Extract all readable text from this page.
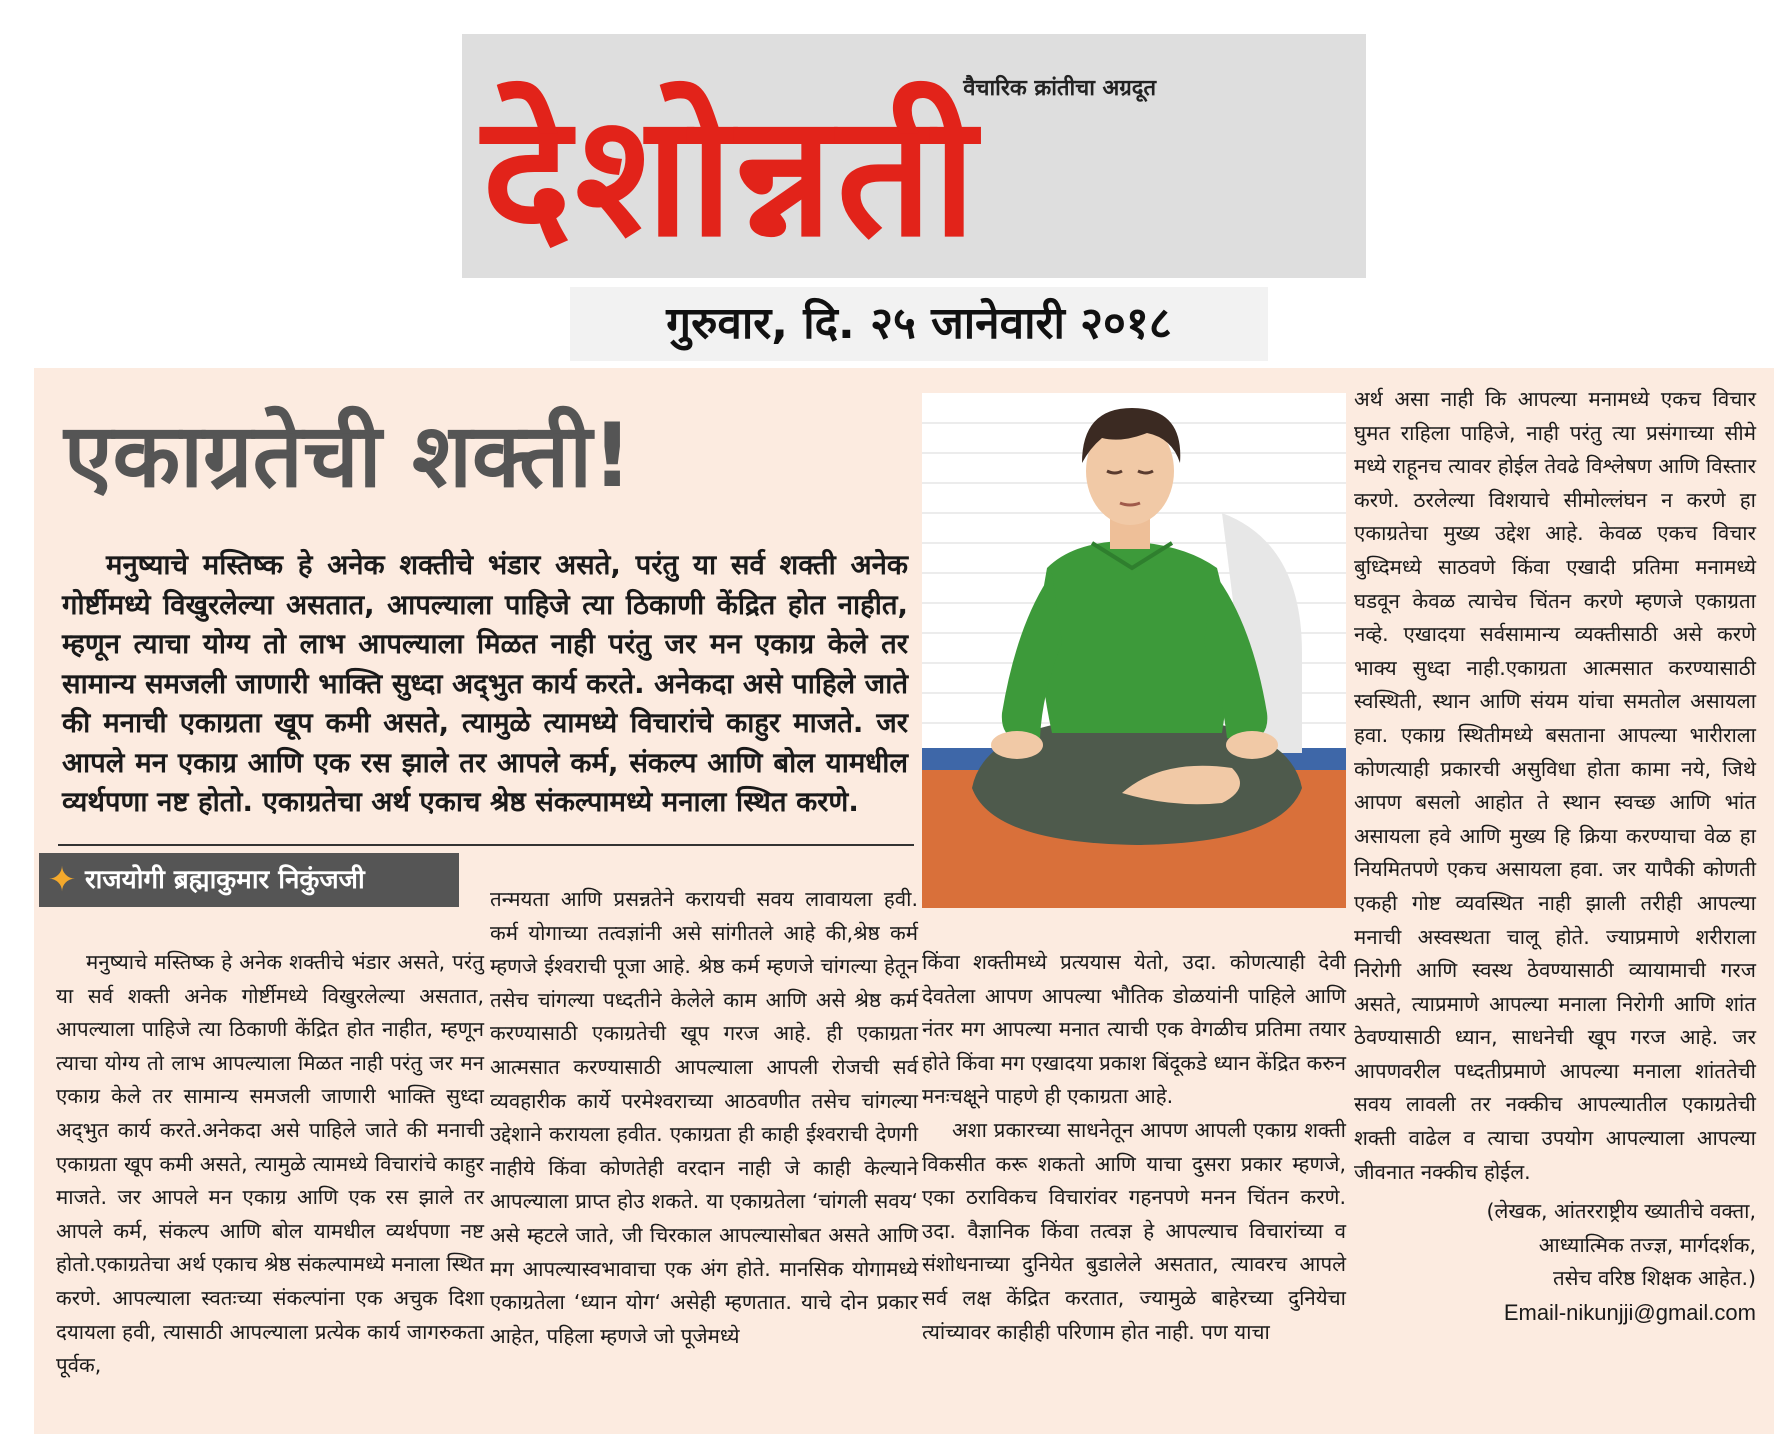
वैचारिक क्रांतीचा अग्रदूत
देशोन्नती
गुरुवार, दि. २५ जानेवारी २०१८
एकाग्रतेची शक्ती!

मनुष्याचे मस्तिष्क हे अनेक शक्तीचे भंडार असते, परंतु या सर्व शक्ती अनेक गोर्ष्टीमध्ये विखुरलेल्या असतात, आपल्याला पाहिजे त्या ठिकाणी केंद्रित होत नाहीत, म्हणून त्याचा योग्य तो लाभ आपल्याला मिळत नाही परंतु जर मन एकाग्र केले तर सामान्य समजली जाणारी भाक्ति सुध्दा अद्‌भुत कार्य करते. अनेकदा असे पाहिले जाते की मनाची एकाग्रता खूप कमी असते, त्यामुळे त्यामध्ये विचारांचे काहुर माजते. जर आपले मन एकाग्र आणि एक रस झाले तर आपले कर्म, संकल्प आणि बोल यामधील व्यर्थपणा नष्ट होतो. एकाग्रतेचा अर्थ एकाच श्रेष्ठ संकल्पामध्ये मनाला स्थित करणे.

✦ राजयोगी ब्रह्माकुमार निकुंजजी

मनुष्याचे मस्तिष्क हे अनेक शक्तीचे भंडार असते, परंतु या सर्व शक्ती अनेक गोर्ष्टीमध्ये विखुरलेल्या असतात, आपल्याला पाहिजे त्या ठिकाणी केंद्रित होत नाहीत, म्हणून त्याचा योग्य तो लाभ आपल्याला मिळत नाही परंतु जर मन एकाग्र केले तर सामान्य समजली जाणारी भाक्ति सुध्दा अद्‌भुत कार्य करते.अनेकदा असे पाहिले जाते की मनाची एकाग्रता खूप कमी असते, त्यामुळे त्यामध्ये विचारांचे काहुर माजते. जर आपले मन एकाग्र आणि एक रस झाले तर आपले कर्म, संकल्प आणि बोल यामधील व्यर्थपणा नष्ट होतो.एकाग्रतेचा अर्थ एकाच श्रेष्ठ संकल्पामध्ये मनाला स्थित करणे. आपल्याला स्वतःच्या संकल्पांना एक अचुक दिशा दयायला हवी, त्यासाठी आपल्याला प्रत्येक कार्य जागरुकता पूर्वक,

तन्मयता आणि प्रसन्नतेने करायची सवय लावायला हवी. कर्म योगाच्या तत्वज्ञांनी असे सांगीतले आहे की,श्रेष्ठ कर्म म्हणजे ईश्वराची पूजा आहे. श्रेष्ठ कर्म म्हणजे चांगल्या हेतून तसेच चांगल्या पध्दतीने केलेले काम आणि असे श्रेष्ठ कर्म करण्यासाठी एकाग्रतेची खूप गरज आहे. ही एकाग्रता आत्मसात करण्यासाठी आपल्याला आपली रोजची सर्व व्यवहारीक कार्ये परमेश्वराच्या आठवणीत तसेच चांगल्या उद्देशाने करायला हवीत. एकाग्रता ही काही ईश्वराची देणगी नाहीये किंवा कोणतेही वरदान नाही जे काही केल्याने आपल्याला प्राप्त होउ शकते. या एकाग्रतेला ‘चांगली सवय‘ असे म्हटले जाते, जी चिरकाल आपल्यासोबत असते आणि मग आपल्यास्वभावाचा एक अंग होते. मानसिक योगामध्ये एकाग्रतेला ‘ध्यान योग‘ असेही म्हणतात. याचे दोन प्रकार आहेत, पहिला म्हणजे जो पूजेमध्ये

किंवा शक्तीमध्ये प्रत्ययास येतो, उदा. कोणत्याही देवी देवतेला आपण आपल्या भौतिक डोळयांनी पाहिले आणि नंतर मग आपल्या मनात त्याची एक वेगळीच प्रतिमा तयार होते किंवा मग एखादया प्रकाश बिंदूकडे ध्यान केंद्रित करुन मनःचक्षूने पाहणे ही एकाग्रता आहे.

अशा प्रकारच्या साधनेतून आपण आपली एकाग्र शक्ती विकसीत करू शकतो आणि याचा दुसरा प्रकार म्हणजे, एका ठराविकच विचारांवर गहनपणे मनन चिंतन करणे. उदा. वैज्ञानिक किंवा तत्वज्ञ हे आपल्याच विचारांच्या व संशोधनाच्या दुनियेत बुडालेले असतात, त्यावरच आपले सर्व लक्ष केंद्रित करतात, ज्यामुळे बाहेरच्या दुनियेचा त्यांच्यावर काहीही परिणाम होत नाही. पण याचा

अर्थ असा नाही कि आपल्या मनामध्ये एकच विचार घुमत राहिला पाहिजे, नाही परंतु त्या प्रसंगाच्या सीमे मध्ये राहूनच त्यावर होईल तेवढे विश्लेषण आणि विस्तार करणे. ठरलेल्या विशयाचे सीमोल्लंघन न करणे हा एकाग्रतेचा मुख्य उद्देश आहे. केवळ एकच विचार बुध्दिमध्ये साठवणे किंवा एखादी प्रतिमा मनामध्ये घडवून केवळ त्याचेच चिंतन करणे म्हणजे एकाग्रता नव्हे. एखादया सर्वसामान्य व्यक्तीसाठी असे करणे भाक्य सुध्दा नाही.एकाग्रता आत्मसात करण्यासाठी स्वस्थिती, स्थान आणि संयम यांचा समतोल असायला हवा. एकाग्र स्थितीमध्ये बसताना आपल्या भारीराला कोणत्याही प्रकारची असुविधा होता कामा नये, जिथे आपण बसलो आहोत ते स्थान स्वच्छ आणि भांत असायला हवे आणि मुख्य हि क्रिया करण्याचा वेळ हा नियमितपणे एकच असायला हवा. जर यापैकी कोणती एकही गोष्ट व्यवस्थित नाही झाली तरीही आपल्या मनाची अस्वस्थता चालू होते. ज्याप्रमाणे शरीराला निरोगी आणि स्वस्थ ठेवण्यासाठी व्यायामाची गरज असते, त्याप्रमाणे आपल्या मनाला निरोगी आणि शांत ठेवण्यासाठी ध्यान, साधनेची खूप गरज आहे. जर आपणवरील पध्दतीप्रमाणे आपल्या मनाला शांततेची सवय लावली तर नक्कीच आपल्यातील एकाग्रतेची शक्ती वाढेल व त्याचा उपयोग आपल्याला आपल्या जीवनात नक्कीच होईल.

(लेखक, आंतरराष्ट्रीय ख्यातीचे वक्ता,

आध्यात्मिक तज्ज्ञ, मार्गदर्शक,

तसेच वरिष्ठ शिक्षक आहेत.)

Email-nikunjji@gmail.com
